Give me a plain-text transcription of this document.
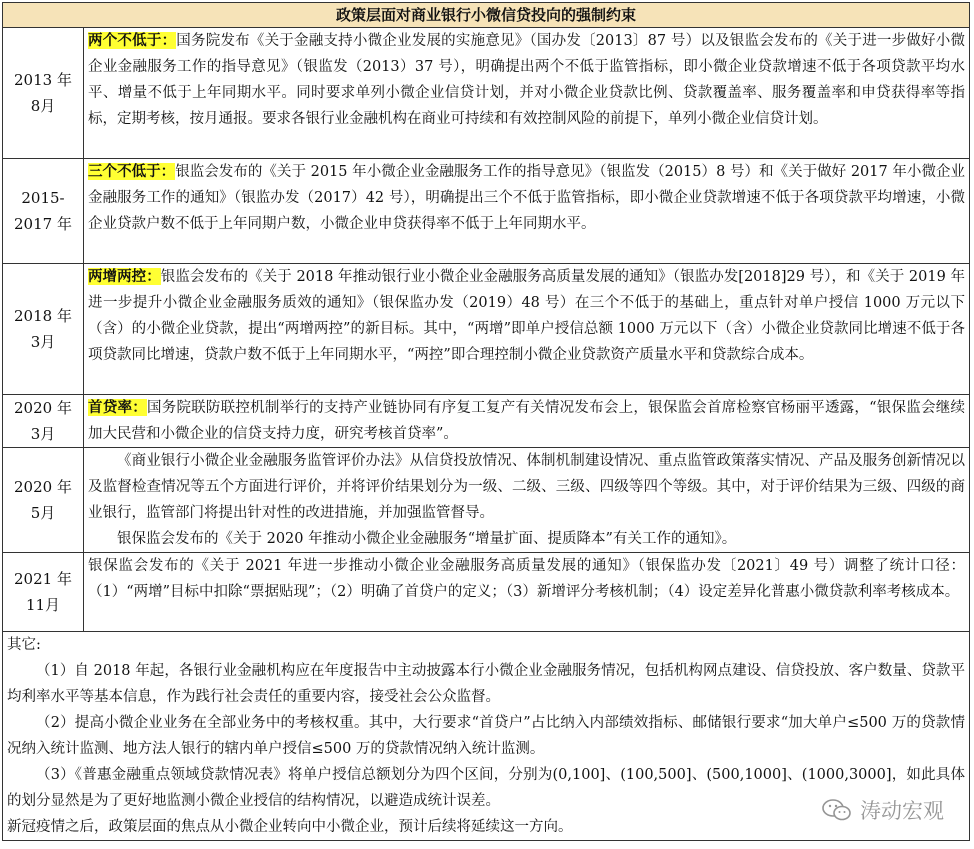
政策层面对商业银行小微信贷投向的强制约束	

2013 年
8月	两个不低于：国务院发布《关于金融支持小微企业发展的实施意见》（国办发〔2013〕87 号）以及银监会发布的《关于进一步做好小微企业金融服务工作的指导意见》（银监发（2013）37 号），明确提出两个不低于监管指标，即小微企业贷款增速不低于各项贷款平均水平、增量不低于上年同期水平。同时要求单列小微企业信贷计划，并对小微企业贷款比例、贷款覆盖率、服务覆盖率和申贷获得率等指标，定期考核，按月通报。要求各银行业金融机构在商业可持续和有效控制风险的前提下，单列小微企业信贷计划。

2015-
2017 年	三个不低于：银监会发布的《关于 2015 年小微企业金融服务工作的指导意见》（银监发（2015）8 号）和《关于做好 2017 年小微企业金融服务工作的通知》（银监办发（2017）42 号），明确提出三个不低于监管指标，即小微企业贷款增速不低于各项贷款平均增速，小微企业贷款户数不低于上年同期户数，小微企业申贷获得率不低于上年同期水平。

2018 年
3月	两增两控：银监会发布的《关于 2018 年推动银行业小微企业金融服务高质量发展的通知》（银监办发[2018]29 号），和《关于 2019 年进一步提升小微企业金融服务质效的通知》（银保监办发（2019）48 号）在三个不低于的基础上，重点针对单户授信 1000 万元以下（含）的小微企业贷款，提出“两增两控”的新目标。其中，“两增”即单户授信总额 1000 万元以下（含）小微企业贷款同比增速不低于各项贷款同比增速，贷款户数不低于上年同期水平，“两控”即合理控制小微企业贷款资产质量水平和贷款综合成本。

2020 年
3月	首贷率：国务院联防联控机制举行的支持产业链协同有序复工复产有关情况发布会上，银保监会首席检察官杨丽平透露，“银保监会继续加大民营和小微企业的信贷支持力度，研究考核首贷率”。

2020 年
5月	《商业银行小微企业金融服务监管评价办法》从信贷投放情况、体制机制建设情况、重点监管政策落实情况、产品及服务创新情况以及监督检查情况等五个方面进行评价，并将评价结果划分为一级、二级、三级、四级等四个等级。其中，对于评价结果为三级、四级的商业银行，监管部门将提出针对性的改进措施，并加强监管督导。
银保监会发布的《关于 2020 年推动小微企业金融服务“增量扩面、提质降本”有关工作的通知》。

2021 年
11月	银保监会发布的《关于 2021 年进一步推动小微企业金融服务高质量发展的通知》（银保监办发〔2021〕49 号）调整了统计口径：（1）“两增”目标中扣除“票据贴现”；（2）明确了首贷户的定义；（3）新增评分考核机制；（4）设定差异化普惠小微贷款利率考核成本。

其它:
（1）自 2018 年起，各银行业金融机构应在年度报告中主动披露本行小微企业金融服务情况，包括机构网点建设、信贷投放、客户数量、贷款平均利率水平等基本信息，作为践行社会责任的重要内容，接受社会公众监督。
（2）提高小微企业业务在全部业务中的考核权重。其中，大行要求“首贷户”占比纳入内部绩效指标、邮储银行要求“加大单户≤500 万的贷款情况纳入统计监测、地方法人银行的辖内单户授信≤500 万的贷款情况纳入统计监测。
（3）《普惠金融重点领域贷款情况表》将单户授信总额划分为四个区间，分别为(0,100]、(100,500]、(500,1000]、(1000,3000]，如此具体的划分显然是为了更好地监测小微企业授信的结构情况，以避造成统计误差。
新冠疫情之后，政策层面的焦点从小微企业转向中小微企业，预计后续将延续这一方向。	
涛动宏观
